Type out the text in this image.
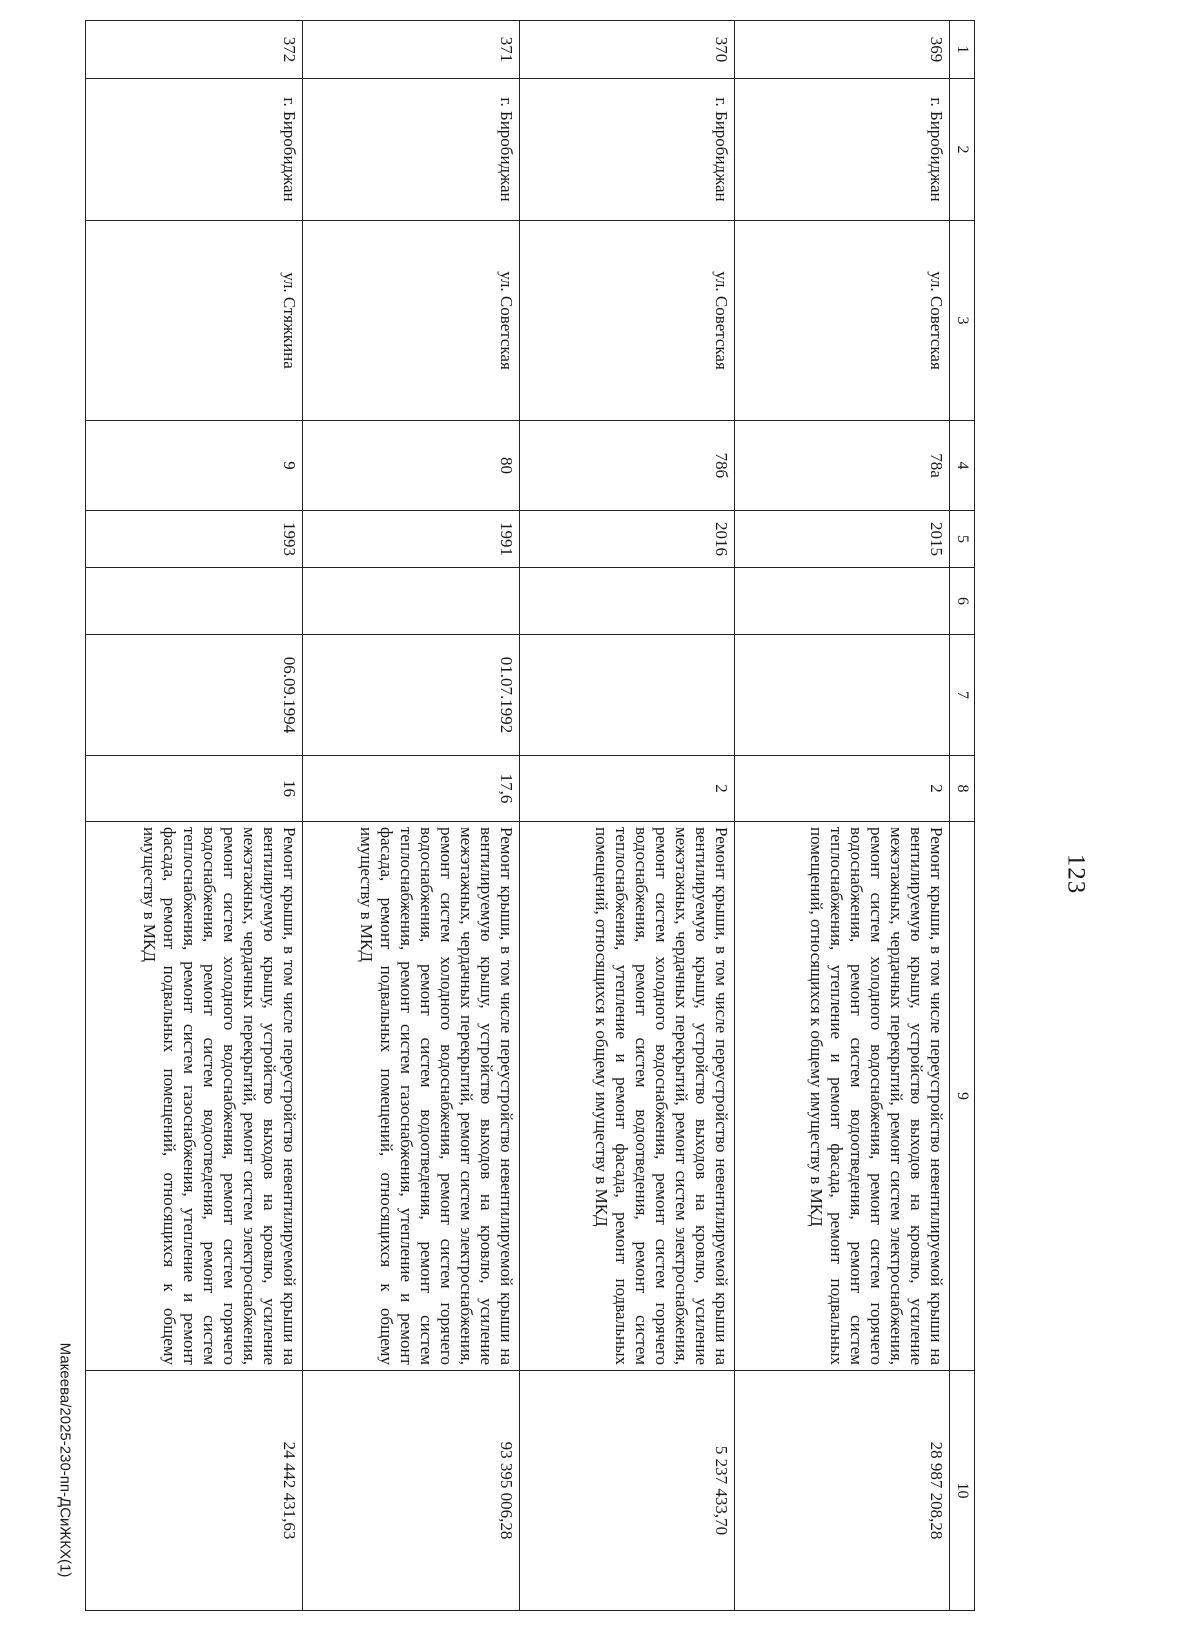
123
1	2	3	4	5	6	7	8	9	10
369	г. Биробиджан	ул. Советская	78а	2015			2	Ремонт крыши, в том числе переустройство невентилируемой крыши на вентилируемую крышу, устройство выходов на кровлю, усиление межэтажных, чердачных перекрытий, ремонт систем электроснабжения, ремонт систем холодного водоснабжения, ремонт систем горячего водоснабжения, ремонт систем водоотведения, ремонт систем теплоснабжения, утепление и ремонт фасада, ремонт подвальных помещений, относящихся к общему имуществу в МКД	28 987 208,28
370	г. Биробиджан	ул. Советская	78б	2016			2	Ремонт крыши, в том числе переустройство невентилируемой крыши на вентилируемую крышу, устройство выходов на кровлю, усиление межэтажных, чердачных перекрытий, ремонт систем электроснабжения, ремонт систем холодного водоснабжения, ремонт систем горячего водоснабжения, ремонт систем водоотведения, ремонт систем теплоснабжения, утепление и ремонт фасада, ремонт подвальных помещений, относящихся к общему имуществу в МКД	5 237 433,70
371	г. Биробиджан	ул. Советская	80	1991		01.07.1992	17,6	Ремонт крыши, в том числе переустройство невентилируемой крыши на вентилируемую крышу, устройство выходов на кровлю, усиление межэтажных, чердачных перекрытий, ремонт систем электроснабжения, ремонт систем холодного водоснабжения, ремонт систем горячего водоснабжения, ремонт систем водоотведения, ремонт систем теплоснабжения, ремонт систем газоснабжения, утепление и ремонт фасада, ремонт подвальных помещений, относящихся к общему имуществу в МКД	93 395 006,28
372	г. Биробиджан	ул. Стяжкина	9	1993		06.09.1994	16	Ремонт крыши, в том числе переустройство невентилируемой крыши на вентилируемую крышу, устройство выходов на кровлю, усиление межэтажных, чердачных перекрытий, ремонт систем электроснабжения, ремонт систем холодного водоснабжения, ремонт систем горячего водоснабжения, ремонт систем водоотведения, ремонт систем теплоснабжения, ремонт систем газоснабжения, утепление и ремонт фасада, ремонт подвальных помещений, относящихся к общему имуществу в МКД	24 442 431,63
Макеева/2025-230-пп-ДСиЖКХ(1)
